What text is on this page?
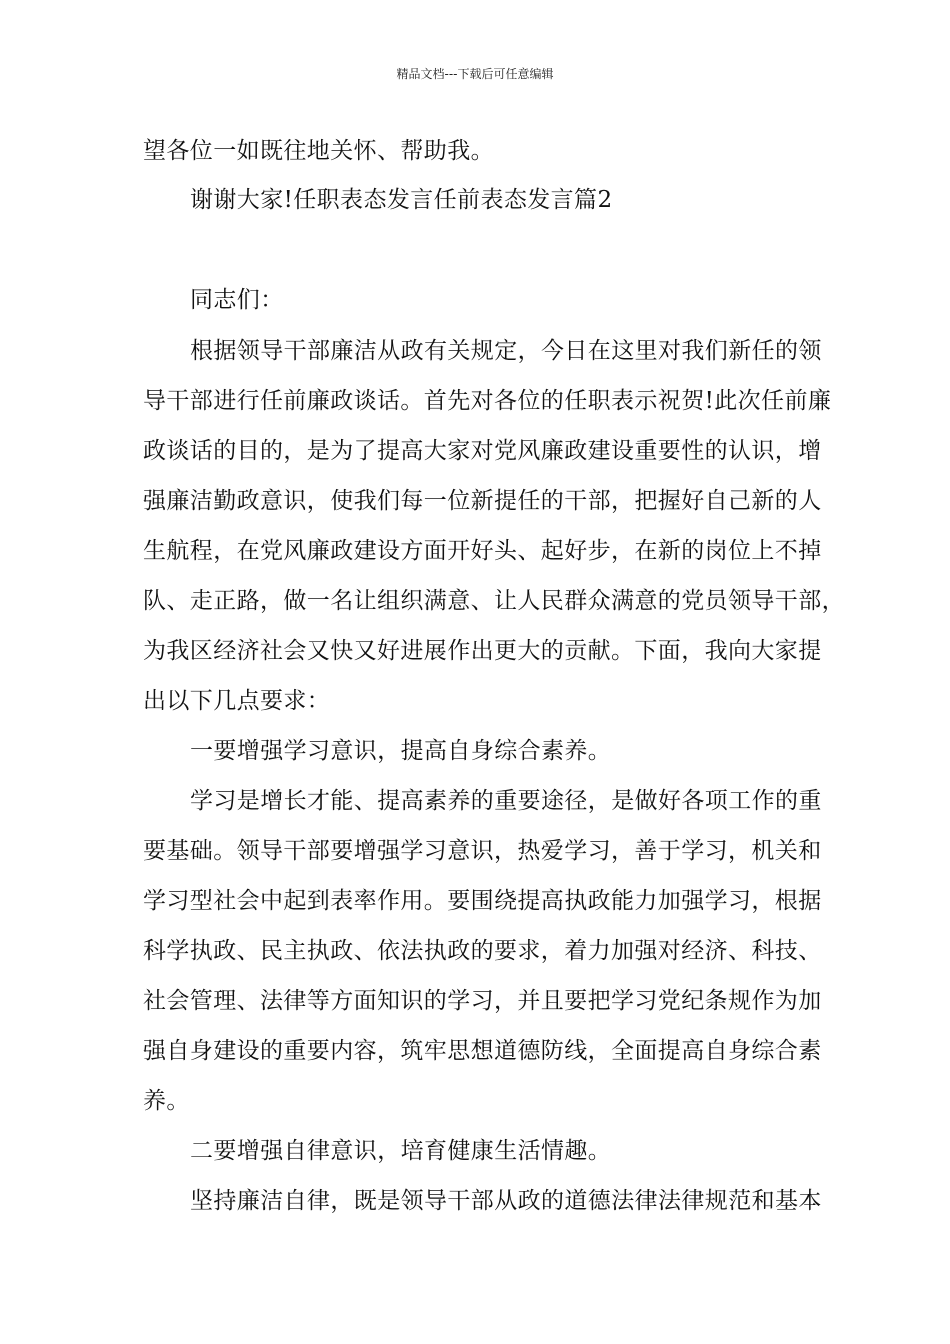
精品文档---下载后可任意编辑
望各位一如既往地关怀、帮助我。
谢谢大家!任职表态发言任前表态发言篇2
同志们：
根据领导干部廉洁从政有关规定，今日在这里对我们新任的领
导干部进行任前廉政谈话。首先对各位的任职表示祝贺!此次任前廉
政谈话的目的，是为了提高大家对党风廉政建设重要性的认识，增
强廉洁勤政意识，使我们每一位新提任的干部，把握好自己新的人
生航程，在党风廉政建设方面开好头、起好步，在新的岗位上不掉
队、走正路，做一名让组织满意、让人民群众满意的党员领导干部，
为我区经济社会又快又好进展作出更大的贡献。下面，我向大家提
出以下几点要求：
一要增强学习意识，提高自身综合素养。
学习是增长才能、提高素养的重要途径，是做好各项工作的重
要基础。领导干部要增强学习意识，热爱学习，善于学习，机关和
学习型社会中起到表率作用。要围绕提高执政能力加强学习，根据
科学执政、民主执政、依法执政的要求，着力加强对经济、科技、
社会管理、法律等方面知识的学习，并且要把学习党纪条规作为加
强自身建设的重要内容，筑牢思想道德防线，全面提高自身综合素
养。
二要增强自律意识，培育健康生活情趣。
坚持廉洁自律，既是领导干部从政的道德法律法律规范和基本
